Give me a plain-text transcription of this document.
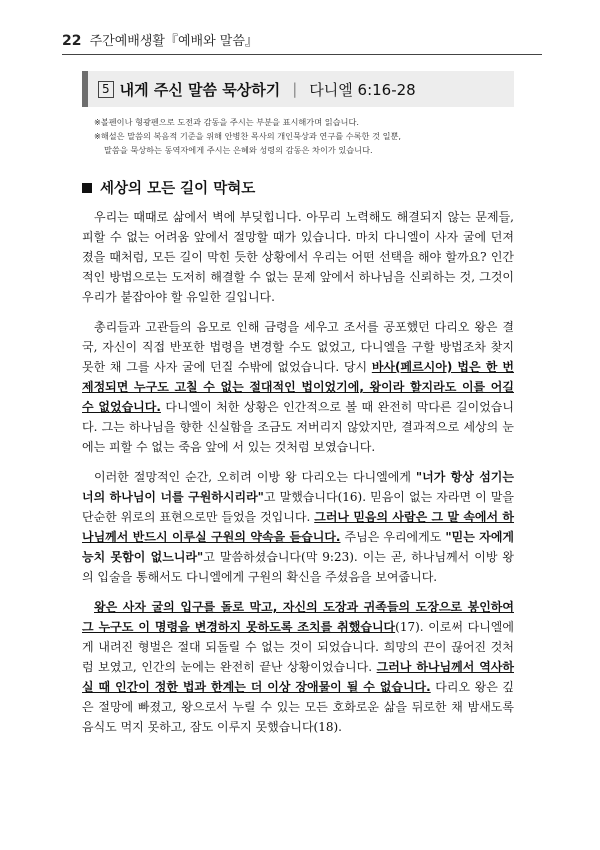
22 주간예배생활『예배와 말씀』
5 내게 주신 말씀 묵상하기 | 다니엘 6:16-28

※볼펜이나 형광펜으로 도전과 감동을 주시는 부분을 표시해가며 읽습니다.

※해설은 말씀의 복음적 기준을 위해 안병찬 목사의 개인묵상과 연구를 수록한 것 일뿐,

말씀을 묵상하는 동역자에게 주시는 은혜와 성령의 감동은 차이가 있습니다.

세상의 모든 길이 막혀도

우리는 때때로 삶에서 벽에 부딪힙니다. 아무리 노력해도 해결되지 않는 문제들, 피할 수 없는 어려움 앞에서 절망할 때가 있습니다. 마치 다니엘이 사자 굴에 던져졌을 때처럼, 모든 길이 막힌 듯한 상황에서 우리는 어떤 선택을 해야 할까요? 인간적인 방법으로는 도저히 해결할 수 없는 문제 앞에서 하나님을 신뢰하는 것, 그것이 우리가 붙잡아야 할 유일한 길입니다.

총리들과 고관들의 음모로 인해 금령을 세우고 조서를 공포했던 다리오 왕은 결국, 자신이 직접 반포한 법령을 변경할 수도 없었고, 다니엘을 구할 방법조차 찾지 못한 채 그를 사자 굴에 던질 수밖에 없었습니다. 당시 바사(페르시아) 법은 한 번 제정되면 누구도 고칠 수 없는 절대적인 법이었기에, 왕이라 할지라도 이를 어길 수 없었습니다. 다니엘이 처한 상황은 인간적으로 볼 때 완전히 막다른 길이었습니다. 그는 하나님을 향한 신실함을 조금도 저버리지 않았지만, 결과적으로 세상의 눈에는 피할 수 없는 죽음 앞에 서 있는 것처럼 보였습니다.

이러한 절망적인 순간, 오히려 이방 왕 다리오는 다니엘에게 "너가 항상 섬기는 너의 하나님이 너를 구원하시리라"고 말했습니다(16). 믿음이 없는 자라면 이 말을 단순한 위로의 표현으로만 들었을 것입니다. 그러나 믿음의 사람은 그 말 속에서 하나님께서 반드시 이루실 구원의 약속을 듣습니다. 주님은 우리에게도 "믿는 자에게 능치 못함이 없느니라"고 말씀하셨습니다(막 9:23). 이는 곧, 하나님께서 이방 왕의 입술을 통해서도 다니엘에게 구원의 확신을 주셨음을 보여줍니다.

왕은 사자 굴의 입구를 돌로 막고, 자신의 도장과 귀족들의 도장으로 봉인하여 그 누구도 이 명령을 변경하지 못하도록 조치를 취했습니다(17). 이로써 다니엘에게 내려진 형벌은 절대 되돌릴 수 없는 것이 되었습니다. 희망의 끈이 끊어진 것처럼 보였고, 인간의 눈에는 완전히 끝난 상황이었습니다. 그러나 하나님께서 역사하실 때 인간이 정한 법과 한계는 더 이상 장애물이 될 수 없습니다. 다리오 왕은 깊은 절망에 빠졌고, 왕으로서 누릴 수 있는 모든 호화로운 삶을 뒤로한 채 밤새도록 음식도 먹지 못하고, 잠도 이루지 못했습니다(18).
